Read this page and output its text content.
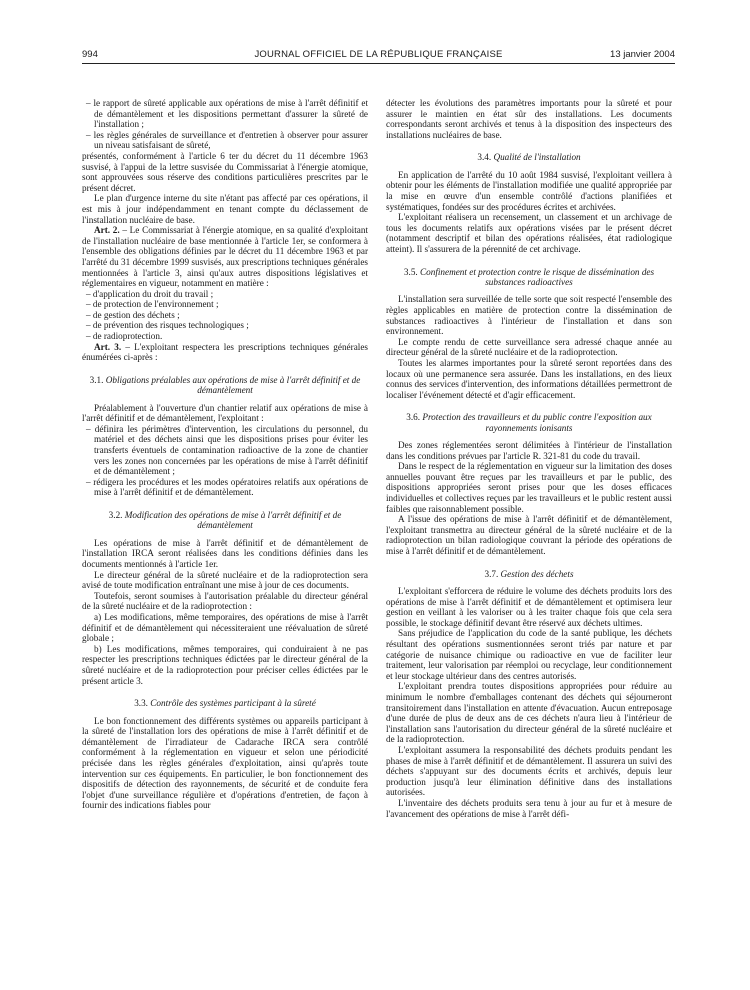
994	JOURNAL OFFICIEL DE LA RÉPUBLIQUE FRANÇAISE	13 janvier 2004

– le rapport de sûreté applicable aux opérations de mise à l'arrêt définitif et de démantèlement et les dispositions permettant d'assurer la sûreté de l'installation ;

– les règles générales de surveillance et d'entretien à observer pour assurer un niveau satisfaisant de sûreté,

présentés, conformément à l'article 6 ter du décret du 11 décembre 1963 susvisé, à l'appui de la lettre susvisée du Commissariat à l'énergie atomique, sont approuvées sous réserve des conditions particulières prescrites par le présent décret.

Le plan d'urgence interne du site n'étant pas affecté par ces opérations, il est mis à jour indépendamment en tenant compte du déclassement de l'installation nucléaire de base.

Art. 2. – Le Commissariat à l'énergie atomique, en sa qualité d'exploitant de l'installation nucléaire de base mentionnée à l'article 1er, se conformera à l'ensemble des obligations définies par le décret du 11 décembre 1963 et par l'arrêté du 31 décembre 1999 susvisés, aux prescriptions techniques générales mentionnées à l'article 3, ainsi qu'aux autres dispositions législatives et réglementaires en vigueur, notamment en matière :

– d'application du droit du travail ;

– de protection de l'environnement ;

– de gestion des déchets ;

– de prévention des risques technologiques ;

– de radioprotection.

Art. 3. – L'exploitant respectera les prescriptions techniques générales énumérées ci-après :

3.1. Obligations préalables aux opérations de mise à l'arrêt définitif et de démantèlement

Préalablement à l'ouverture d'un chantier relatif aux opérations de mise à l'arrêt définitif et de démantèlement, l'exploitant :

– définira les périmètres d'intervention, les circulations du personnel, du matériel et des déchets ainsi que les dispositions prises pour éviter les transferts éventuels de contamination radioactive de la zone de chantier vers les zones non concernées par les opérations de mise à l'arrêt définitif et de démantèlement ;

– rédigera les procédures et les modes opératoires relatifs aux opérations de mise à l'arrêt définitif et de démantèlement.

3.2. Modification des opérations de mise à l'arrêt définitif et de démantèlement

Les opérations de mise à l'arrêt définitif et de démantèlement de l'installation IRCA seront réalisées dans les conditions définies dans les documents mentionnés à l'article 1er.

Le directeur général de la sûreté nucléaire et de la radioprotection sera avisé de toute modification entraînant une mise à jour de ces documents.

Toutefois, seront soumises à l'autorisation préalable du directeur général de la sûreté nucléaire et de la radioprotection :

a) Les modifications, même temporaires, des opérations de mise à l'arrêt définitif et de démantèlement qui nécessiteraient une réévaluation de sûreté globale ;

b) Les modifications, mêmes temporaires, qui conduiraient à ne pas respecter les prescriptions techniques édictées par le directeur général de la sûreté nucléaire et de la radioprotection pour préciser celles édictées par le présent article 3.

3.3. Contrôle des systèmes participant à la sûreté

Le bon fonctionnement des différents systèmes ou appareils participant à la sûreté de l'installation lors des opérations de mise à l'arrêt définitif et de démantèlement de l'irradiateur de Cadarache IRCA sera contrôlé conformément à la réglementation en vigueur et selon une périodicité précisée dans les règles générales d'exploitation, ainsi qu'après toute intervention sur ces équipements. En particulier, le bon fonctionnement des dispositifs de détection des rayonnements, de sécurité et de conduite fera l'objet d'une surveillance régulière et d'opérations d'entretien, de façon à fournir des indications fiables pour

détecter les évolutions des paramètres importants pour la sûreté et pour assurer le maintien en état sûr des installations. Les documents correspondants seront archivés et tenus à la disposition des inspecteurs des installations nucléaires de base.

3.4. Qualité de l'installation

En application de l'arrêté du 10 août 1984 susvisé, l'exploitant veillera à obtenir pour les éléments de l'installation modifiée une qualité appropriée par la mise en œuvre d'un ensemble contrôlé d'actions planifiées et systématiques, fondées sur des procédures écrites et archivées.

L'exploitant réalisera un recensement, un classement et un archivage de tous les documents relatifs aux opérations visées par le présent décret (notamment descriptif et bilan des opérations réalisées, état radiologique atteint). Il s'assurera de la pérennité de cet archivage.

3.5. Confinement et protection contre le risque de dissémination des substances radioactives

L'installation sera surveillée de telle sorte que soit respecté l'ensemble des règles applicables en matière de protection contre la dissémination de substances radioactives à l'intérieur de l'installation et dans son environnement.

Le compte rendu de cette surveillance sera adressé chaque année au directeur général de la sûreté nucléaire et de la radioprotection.

Toutes les alarmes importantes pour la sûreté seront reportées dans des locaux où une permanence sera assurée. Dans les installations, en des lieux connus des services d'intervention, des informations détaillées permettront de localiser l'événement détecté et d'agir efficacement.

3.6. Protection des travailleurs et du public contre l'exposition aux rayonnements ionisants

Des zones réglementées seront délimitées à l'intérieur de l'installation dans les conditions prévues par l'article R. 321-81 du code du travail.

Dans le respect de la réglementation en vigueur sur la limitation des doses annuelles pouvant être reçues par les travailleurs et par le public, des dispositions appropriées seront prises pour que les doses efficaces individuelles et collectives reçues par les travailleurs et le public restent aussi faibles que raisonnablement possible.

A l'issue des opérations de mise à l'arrêt définitif et de démantèlement, l'exploitant transmettra au directeur général de la sûreté nucléaire et de la radioprotection un bilan radiologique couvrant la période des opérations de mise à l'arrêt définitif et de démantèlement.

3.7. Gestion des déchets

L'exploitant s'efforcera de réduire le volume des déchets produits lors des opérations de mise à l'arrêt définitif et de démantèlement et optimisera leur gestion en veillant à les valoriser ou à les traiter chaque fois que cela sera possible, le stockage définitif devant être réservé aux déchets ultimes.

Sans préjudice de l'application du code de la santé publique, les déchets résultant des opérations susmentionnées seront triés par nature et par catégorie de nuisance chimique ou radioactive en vue de faciliter leur traitement, leur valorisation par réemploi ou recyclage, leur conditionnement et leur stockage ultérieur dans des centres autorisés.

L'exploitant prendra toutes dispositions appropriées pour réduire au minimum le nombre d'emballages contenant des déchets qui séjourneront transitoirement dans l'installation en attente d'évacuation. Aucun entreposage d'une durée de plus de deux ans de ces déchets n'aura lieu à l'intérieur de l'installation sans l'autorisation du directeur général de la sûreté nucléaire et de la radioprotection.

L'exploitant assumera la responsabilité des déchets produits pendant les phases de mise à l'arrêt définitif et de démantèlement. Il assurera un suivi des déchets s'appuyant sur des documents écrits et archivés, depuis leur production jusqu'à leur élimination définitive dans des installations autorisées.

L'inventaire des déchets produits sera tenu à jour au fur et à mesure de l'avancement des opérations de mise à l'arrêt défi-
